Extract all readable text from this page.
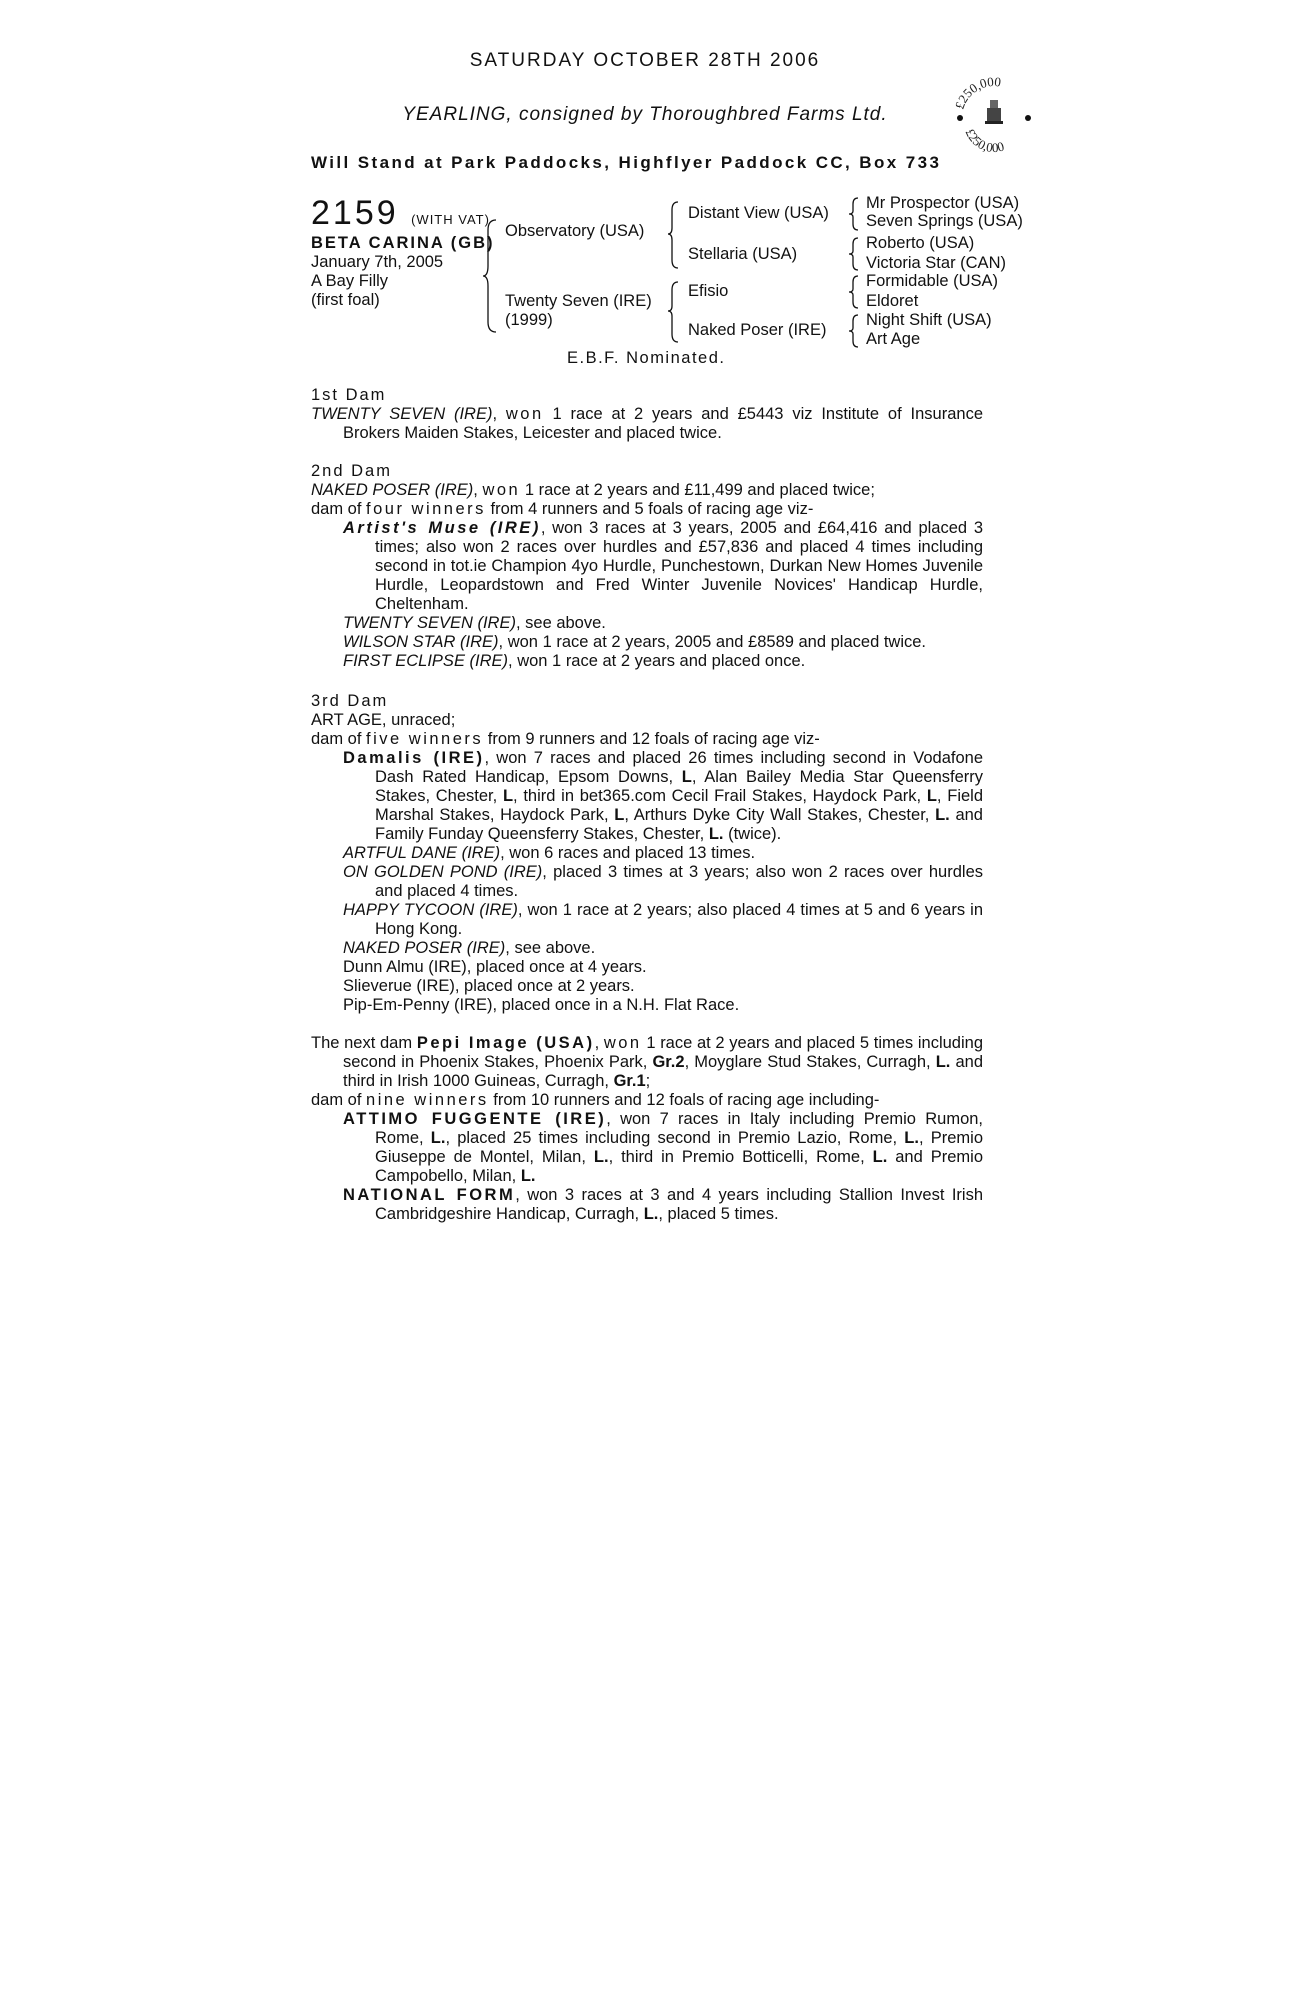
SATURDAY OCTOBER 28TH 2006
YEARLING, consigned by Thoroughbred Farms Ltd.
Will Stand at Park Paddocks, Highflyer Paddock CC, Box 733
£250,000
£250,000
2159 (WITH VAT)
BETA CARINA (GB)
January 7th, 2005
A Bay Filly
(first foal)
Observatory (USA)
Twenty Seven (IRE)
(1999)
Distant View (USA)
Stellaria (USA)
Efisio
Naked Poser (IRE)
Mr Prospector (USA)
Seven Springs (USA)
Roberto (USA)
Victoria Star (CAN)
Formidable (USA)
Eldoret
Night Shift (USA)
Art Age
E.B.F. Nominated.

1st Dam

TWENTY SEVEN (IRE), won 1 race at 2 years and £5443 viz Institute of Insurance Brokers Maiden Stakes, Leicester and placed twice.

2nd Dam

NAKED POSER (IRE), won 1 race at 2 years and £11,499 and placed twice;

dam of four winners from 4 runners and 5 foals of racing age viz-

Artist's Muse (IRE), won 3 races at 3 years, 2005 and £64,416 and placed 3 times; also won 2 races over hurdles and £57,836 and placed 4 times including second in tot.ie Champion 4yo Hurdle, Punchestown, Durkan New Homes Juvenile Hurdle, Leopardstown and Fred Winter Juvenile Novices' Handicap Hurdle, Cheltenham.

TWENTY SEVEN (IRE), see above.

WILSON STAR (IRE), won 1 race at 2 years, 2005 and £8589 and placed twice.

FIRST ECLIPSE (IRE), won 1 race at 2 years and placed once.

3rd Dam

ART AGE, unraced;

dam of five winners from 9 runners and 12 foals of racing age viz-

Damalis (IRE), won 7 races and placed 26 times including second in Vodafone Dash Rated Handicap, Epsom Downs, L, Alan Bailey Media Star Queensferry Stakes, Chester, L, third in bet365.com Cecil Frail Stakes, Haydock Park, L, Field Marshal Stakes, Haydock Park, L, Arthurs Dyke City Wall Stakes, Chester, L. and Family Funday Queensferry Stakes, Chester, L. (twice).

ARTFUL DANE (IRE), won 6 races and placed 13 times.

ON GOLDEN POND (IRE), placed 3 times at 3 years; also won 2 races over hurdles and placed 4 times.

HAPPY TYCOON (IRE), won 1 race at 2 years; also placed 4 times at 5 and 6 years in Hong Kong.

NAKED POSER (IRE), see above.

Dunn Almu (IRE), placed once at 4 years.

Slieverue (IRE), placed once at 2 years.

Pip-Em-Penny (IRE), placed once in a N.H. Flat Race.

The next dam Pepi Image (USA), won 1 race at 2 years and placed 5 times including second in Phoenix Stakes, Phoenix Park, Gr.2, Moyglare Stud Stakes, Curragh, L. and third in Irish 1000 Guineas, Curragh, Gr.1;

dam of nine winners from 10 runners and 12 foals of racing age including-

ATTIMO FUGGENTE (IRE), won 7 races in Italy including Premio Rumon, Rome, L., placed 25 times including second in Premio Lazio, Rome, L., Premio Giuseppe de Montel, Milan, L., third in Premio Botticelli, Rome, L. and Premio Campobello, Milan, L.

NATIONAL FORM, won 3 races at 3 and 4 years including Stallion Invest Irish Cambridgeshire Handicap, Curragh, L., placed 5 times.
